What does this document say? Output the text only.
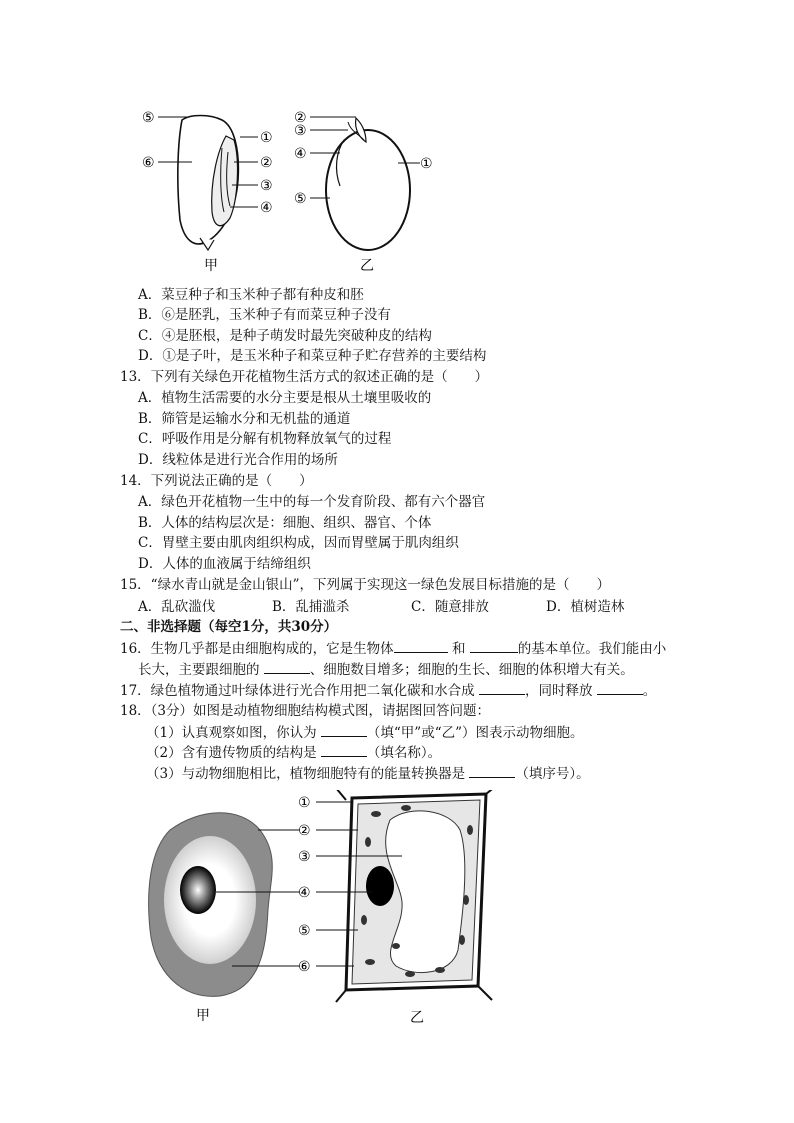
⑤
⑥
①
②
③
④
②
③
④
⑤
①
甲	乙
A．菜豆种子和玉米种子都有种皮和胚
B．⑥是胚乳，玉米种子有而菜豆种子没有
C．④是胚根，是种子萌发时最先突破种皮的结构
D．①是子叶，是玉米种子和菜豆种子贮存营养的主要结构
13．下列有关绿色开花植物生活方式的叙述正确的是（　　）
A．植物生活需要的水分主要是根从土壤里吸收的
B．筛管是运输水分和无机盐的通道
C．呼吸作用是分解有机物释放氧气的过程
D．线粒体是进行光合作用的场所
14．下列说法正确的是（　　）
A．绿色开花植物一生中的每一个发育阶段、都有六个器官
B．人体的结构层次是：细胞、组织、器官、个体
C．胃壁主要由肌肉组织构成，因而胃壁属于肌肉组织
D．人体的血液属于结缔组织
15．“绿水青山就是金山银山”，下列属于实现这一绿色发展目标措施的是（　　）
A．乱砍滥伐	B．乱捕滥杀	C．随意排放	D．植树造林
二、非选择题（每空1分，共30分）
16．生物几乎都是由细胞构成的，它是生物体	和	的基本单位。我们能由小
长大，主要跟细胞的	、细胞数目增多；细胞的生长、细胞的体积增大有关。
17．绿色植物通过叶绿体进行光合作用把二氧化碳和水合成	，同时释放	。
18．（3分）如图是动植物细胞结构模式图，请据图回答问题：
（1）认真观察如图，你认为	（填“甲”或“乙”）图表示动物细胞。
（2）含有遗传物质的结构是	（填名称）。
（3）与动物细胞相比，植物细胞特有的能量转换器是	（填序号）。
甲
①
②
③
④
⑤
⑥
乙
